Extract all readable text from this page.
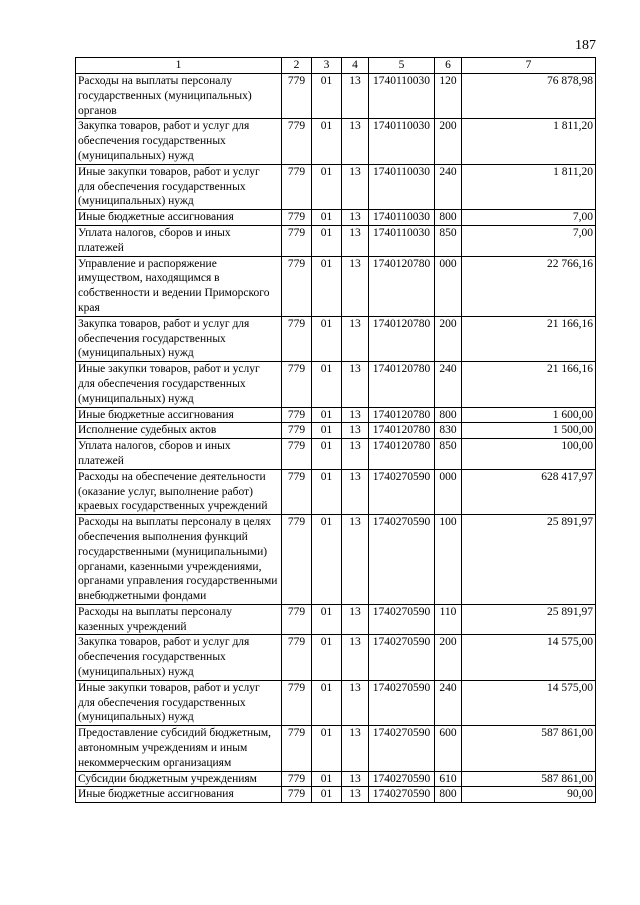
187
1	2	3	4	5	6	7
Расходы на выплаты персоналу государственных (муниципальных) органов	779	01	13	1740110030	120	76 878,98
Закупка товаров, работ и услуг для обеспечения государственных (муниципальных) нужд	779	01	13	1740110030	200	1 811,20
Иные закупки товаров, работ и услуг для обеспечения государственных (муниципальных) нужд	779	01	13	1740110030	240	1 811,20
Иные бюджетные ассигнования	779	01	13	1740110030	800	7,00
Уплата налогов, сборов и иных платежей	779	01	13	1740110030	850	7,00
Управление и распоряжение имуществом, находящимся в собственности и ведении Приморского края	779	01	13	1740120780	000	22 766,16
Закупка товаров, работ и услуг для обеспечения государственных (муниципальных) нужд	779	01	13	1740120780	200	21 166,16
Иные закупки товаров, работ и услуг для обеспечения государственных (муниципальных) нужд	779	01	13	1740120780	240	21 166,16
Иные бюджетные ассигнования	779	01	13	1740120780	800	1 600,00
Исполнение судебных актов	779	01	13	1740120780	830	1 500,00
Уплата налогов, сборов и иных платежей	779	01	13	1740120780	850	100,00
Расходы на обеспечение деятельности (оказание услуг, выполнение работ) краевых государственных учреждений	779	01	13	1740270590	000	628 417,97
Расходы на выплаты персоналу в целях обеспечения выполнения функций государственными (муниципальными) органами, казенными учреждениями, органами управления государственными внебюджетными фондами	779	01	13	1740270590	100	25 891,97
Расходы на выплаты персоналу казенных учреждений	779	01	13	1740270590	110	25 891,97
Закупка товаров, работ и услуг для обеспечения государственных (муниципальных) нужд	779	01	13	1740270590	200	14 575,00
Иные закупки товаров, работ и услуг для обеспечения государственных (муниципальных) нужд	779	01	13	1740270590	240	14 575,00
Предоставление субсидий бюджетным, автономным учреждениям и иным некоммерческим организациям	779	01	13	1740270590	600	587 861,00
Субсидии бюджетным учреждениям	779	01	13	1740270590	610	587 861,00
Иные бюджетные ассигнования	779	01	13	1740270590	800	90,00
